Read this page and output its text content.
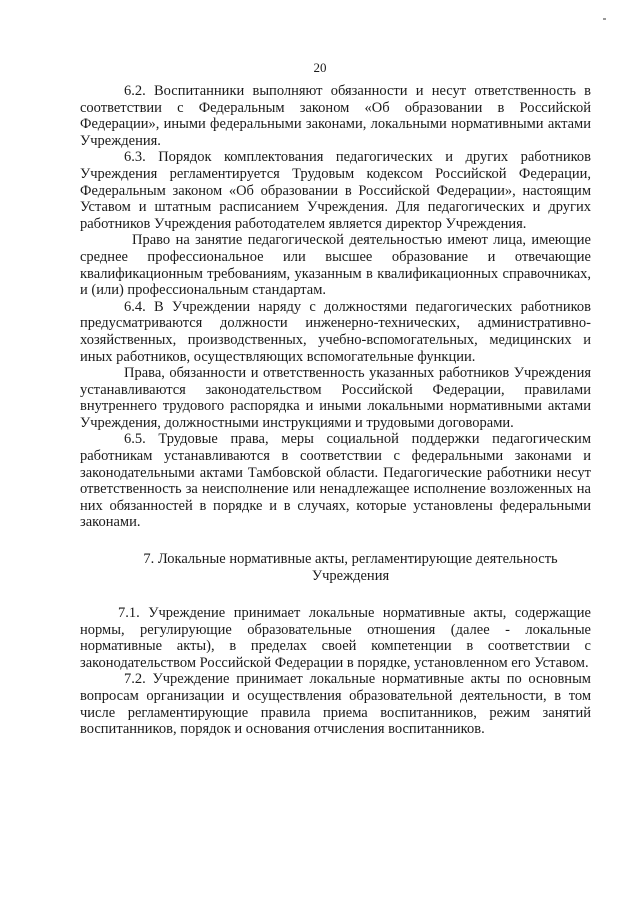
20

6.2. Воспитанники выполняют обязанности и несут ответственность в соответствии с Федеральным законом «Об образовании в Российской Федерации», иными федеральными законами, локальными нормативными актами Учреждения.

6.3. Порядок комплектования педагогических и других работников Учреждения регламентируется Трудовым кодексом Российской Федерации, Федеральным законом «Об образовании в Российской Федерации», настоящим Уставом и штатным расписанием Учреждения. Для педагогических и других работников Учреждения работодателем является директор Учреждения.

Право на занятие педагогической деятельностью имеют лица, имеющие среднее профессиональное или высшее образование и отвечающие квалификационным требованиям, указанным в квалификационных справочниках, и (или) профессиональным стандартам.

6.4. В Учреждении наряду с должностями педагогических работников предусматриваются должности инженерно-технических, административно-хозяйственных, производственных, учебно-вспомогательных, медицинских и иных работников, осуществляющих вспомогательные функции.

Права, обязанности и ответственность указанных работников Учреждения устанавливаются законодательством Российской Федерации, правилами внутреннего трудового распорядка и иными локальными нормативными актами Учреждения, должностными инструкциями и трудовыми договорами.

6.5. Трудовые права, меры социальной поддержки педагогическим работникам устанавливаются в соответствии с федеральными законами и законодательными актами Тамбовской области. Педагогические работники несут ответственность за неисполнение или ненадлежащее исполнение возложенных на них обязанностей в порядке и в случаях, которые установлены федеральными законами.

7. Локальные нормативные акты, регламентирующие деятельность
Учреждения

7.1. Учреждение принимает локальные нормативные акты, содержащие нормы, регулирующие образовательные отношения (далее - локальные нормативные акты), в пределах своей компетенции в соответствии с законодательством Российской Федерации в порядке, установленном его Уставом.

7.2. Учреждение принимает локальные нормативные акты по основным вопросам организации и осуществления образовательной деятельности, в том числе регламентирующие правила приема воспитанников, режим занятий воспитанников, порядок и основания отчисления воспитанников.
